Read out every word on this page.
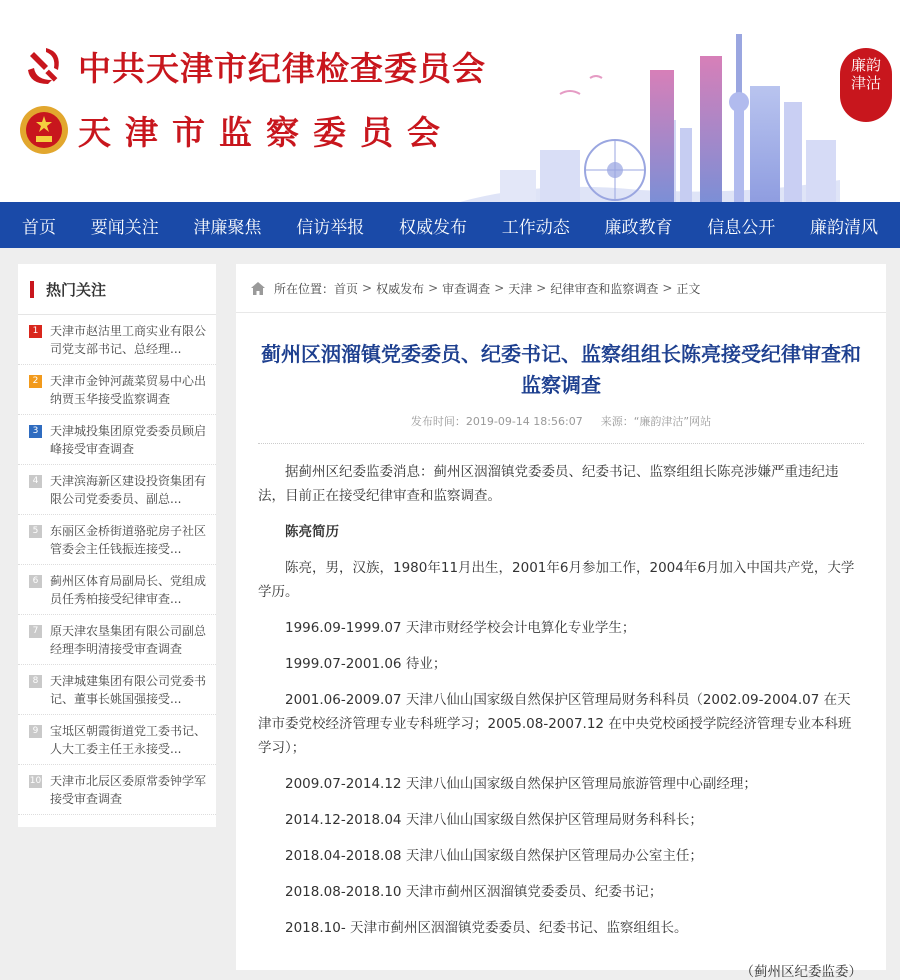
中共天津市纪律检查委员会
天津市监察委员会
廉韵
津沽
首页 要闻关注 津廉聚焦 信访举报 权威发布 工作动态 廉政教育 信息公开 廉韵清风
热门关注
1 天津市赵沽里工商实业有限公司党支部书记、总经理...
2 天津市金钟河蔬菜贸易中心出纳贾玉华接受监察调查
3 天津城投集团原党委委员顾启峰接受审查调查
4 天津滨海新区建设投资集团有限公司党委委员、副总...
5 东丽区金桥街道骆驼房子社区管委会主任钱振连接受...
6 蓟州区体育局副局长、党组成员任秀柏接受纪律审查...
7 原天津农垦集团有限公司副总经理李明清接受审查调查
8 天津城建集团有限公司党委书记、董事长姚国强接受...
9 宝坻区朝霞街道党工委书记、人大工委主任王永接受...
10 天津市北辰区委原常委钟学军接受审查调查
所在位置： 首页 > 权威发布 > 审查调查 > 天津 > 纪律审查和监察调查 > 正文
蓟州区洇溜镇党委委员、纪委书记、监察组组长陈亮接受纪律审查和监察调查
发布时间：2019-09-14 18:56:07 来源：“廉韵津沽”网站

据蓟州区纪委监委消息：蓟州区洇溜镇党委委员、纪委书记、监察组组长陈亮涉嫌严重违纪违法，目前正在接受纪律审查和监察调查。

陈亮简历

陈亮，男，汉族，1980年11月出生，2001年6月参加工作，2004年6月加入中国共产党，大学学历。

1996.09-1999.07 天津市财经学校会计电算化专业学生；

1999.07-2001.06 待业；

2001.06-2009.07 天津八仙山国家级自然保护区管理局财务科科员（2002.09-2004.07 在天津市委党校经济管理专业专科班学习；2005.08-2007.12 在中央党校函授学院经济管理专业本科班学习）；

2009.07-2014.12 天津八仙山国家级自然保护区管理局旅游管理中心副经理；

2014.12-2018.04 天津八仙山国家级自然保护区管理局财务科科长；

2018.04-2018.08 天津八仙山国家级自然保护区管理局办公室主任；

2018.08-2018.10 天津市蓟州区洇溜镇党委委员、纪委书记；

2018.10- 天津市蓟州区洇溜镇党委委员、纪委书记、监察组组长。

（蓟州区纪委监委）
